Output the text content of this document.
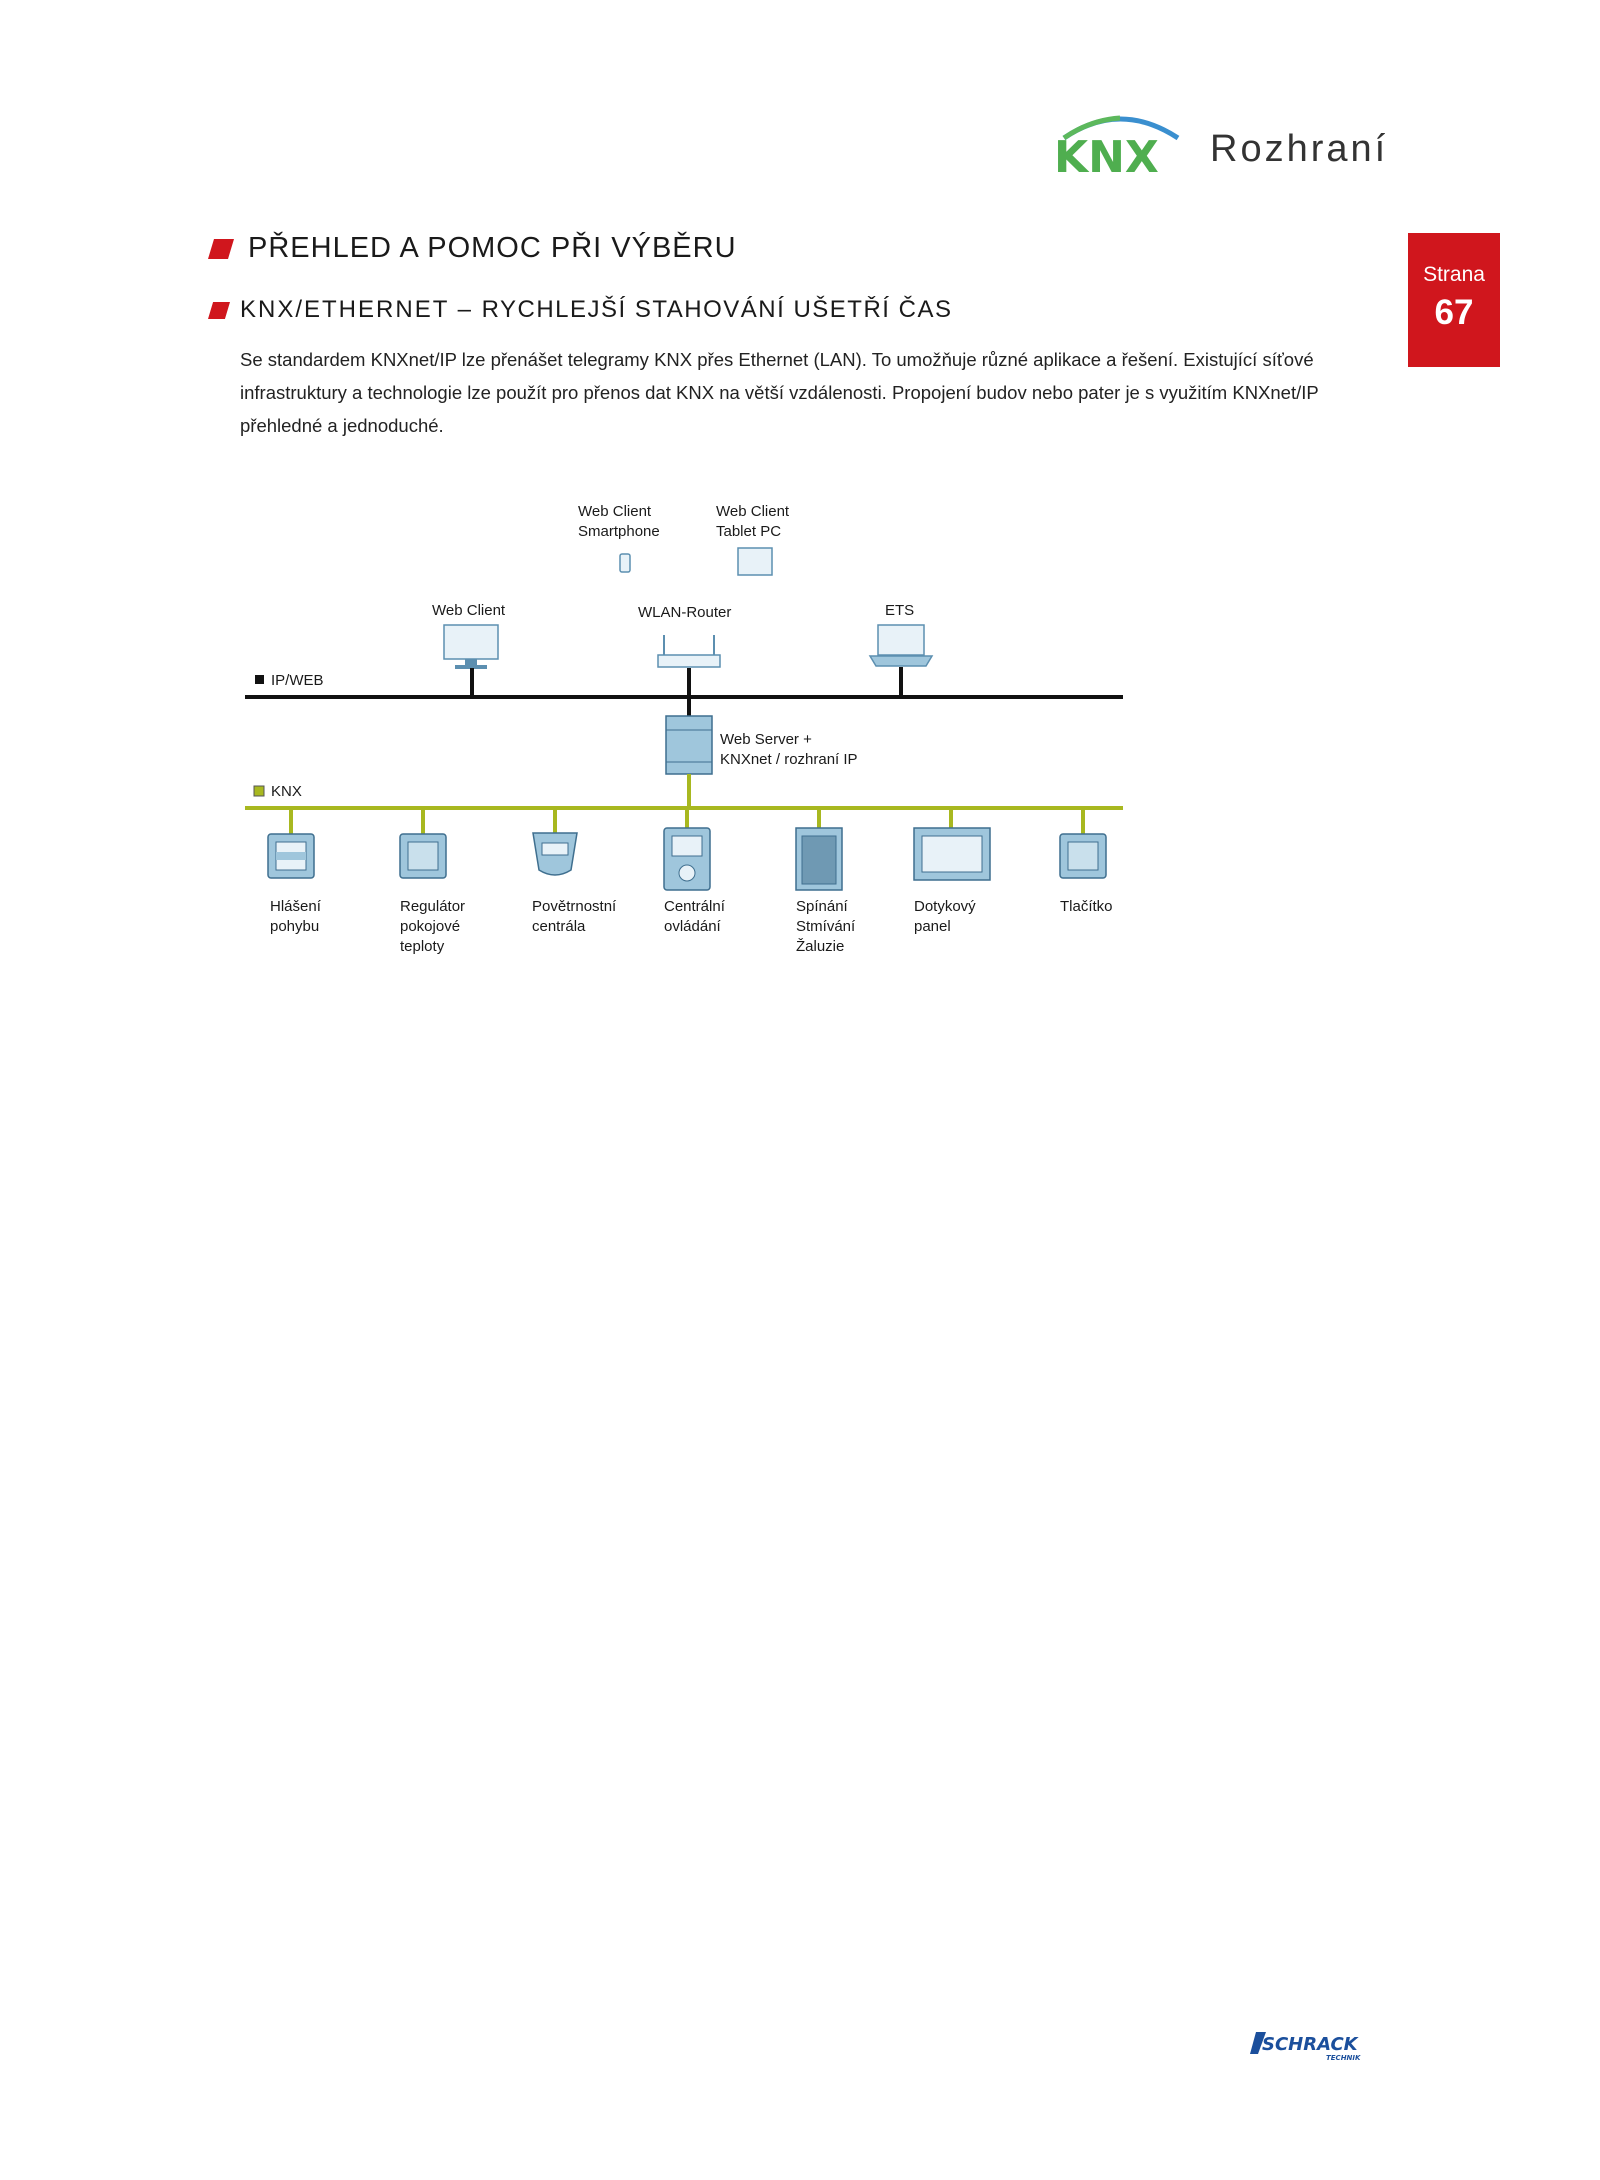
KNX Rozhraní
Strana
67
PŘEHLED A POMOC PŘI VÝBĚRU
KNX/ETHERNET – RYCHLEJŠÍ STAHOVÁNÍ UŠETŘÍ ČAS
Se standardem KNXnet/IP lze přenášet telegramy KNX přes Ethernet (LAN). To umožňuje různé aplikace a řešení. Existující síťové infrastruktury a technologie lze použít pro přenos dat KNX na větší vzdálenosti. Propojení budov nebo pater je s využitím KNXnet/IP přehledné a jednoduché.
Web Client
Smartphone
Web Client
Tablet PC
Web Client	WLAN-Router	ETS
IP/WEB
Web Server +
KNXnet / rozhraní IP
KNX
Hlášení
pohybu
Regulátor
pokojové
teploty
Povětrnostní
centrála
Centrální
ovládání
Spínání
Stmívání
Žaluzie
Dotykový
panel
Tlačítko
SCHRACK
TECHNIK
